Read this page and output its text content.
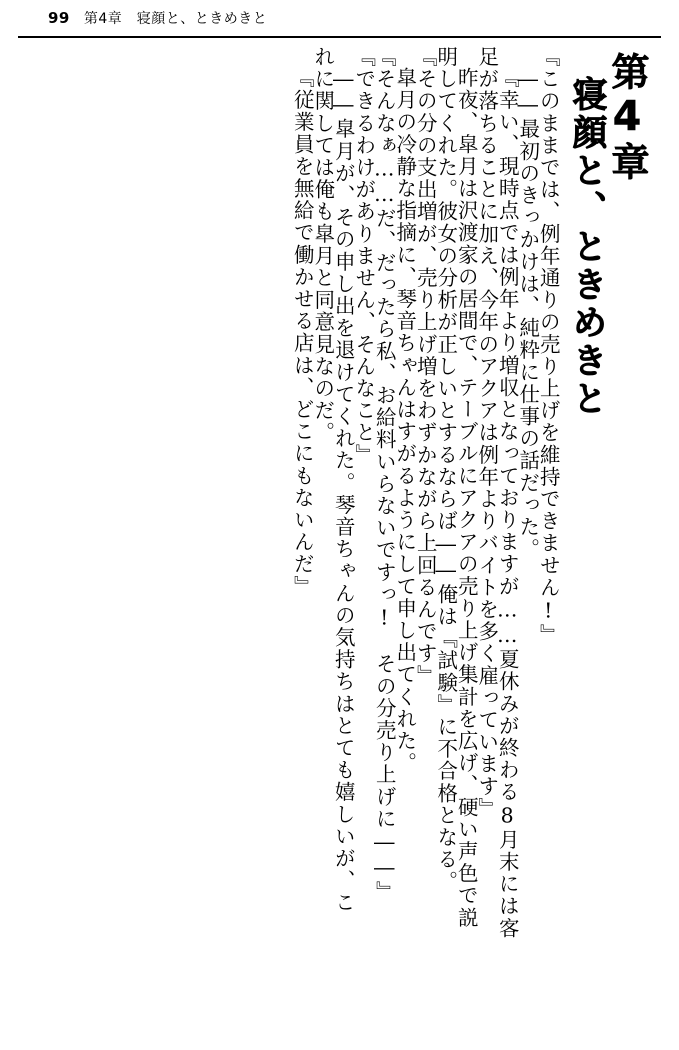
99 第4章　寝顔と、ときめきと
第4章
寝顔と、ときめきと
『このままでは、例年通りの売り上げを維持できません!』
――最初のきっかけは、純粋に仕事の話だった。
『幸い、現時点では例年より増収となっておりますが……夏休みが終わる8月末には客
足が落ちることに加え、今年のアクアは例年よりバイトを多く雇っています』
昨夜、皐月は沢渡家の居間で、テーブルにアクアの売り上げ集計を広げ、硬い声色で説
明してくれた。彼女の分析が正しいとするならば――俺は『試験』に不合格となる。
『その分の支出増が、売り上げ増をわずかながら上回るんです』
皐月の冷静な指摘に、琴音ちゃんはすがるようにして申し出てくれた。
『そんなぁ……だ、だったら私、お給料いらないですっ!　その分売り上げに――』
『できるわけがありません、そんなこと』
――皐月が、その申し出を退けてくれた。琴音ちゃんの気持ちはとても嬉しいが、こ
れに関しては俺も皐月と同意見なのだ。
『従業員を無給で働かせる店は、どこにもないんだ』
